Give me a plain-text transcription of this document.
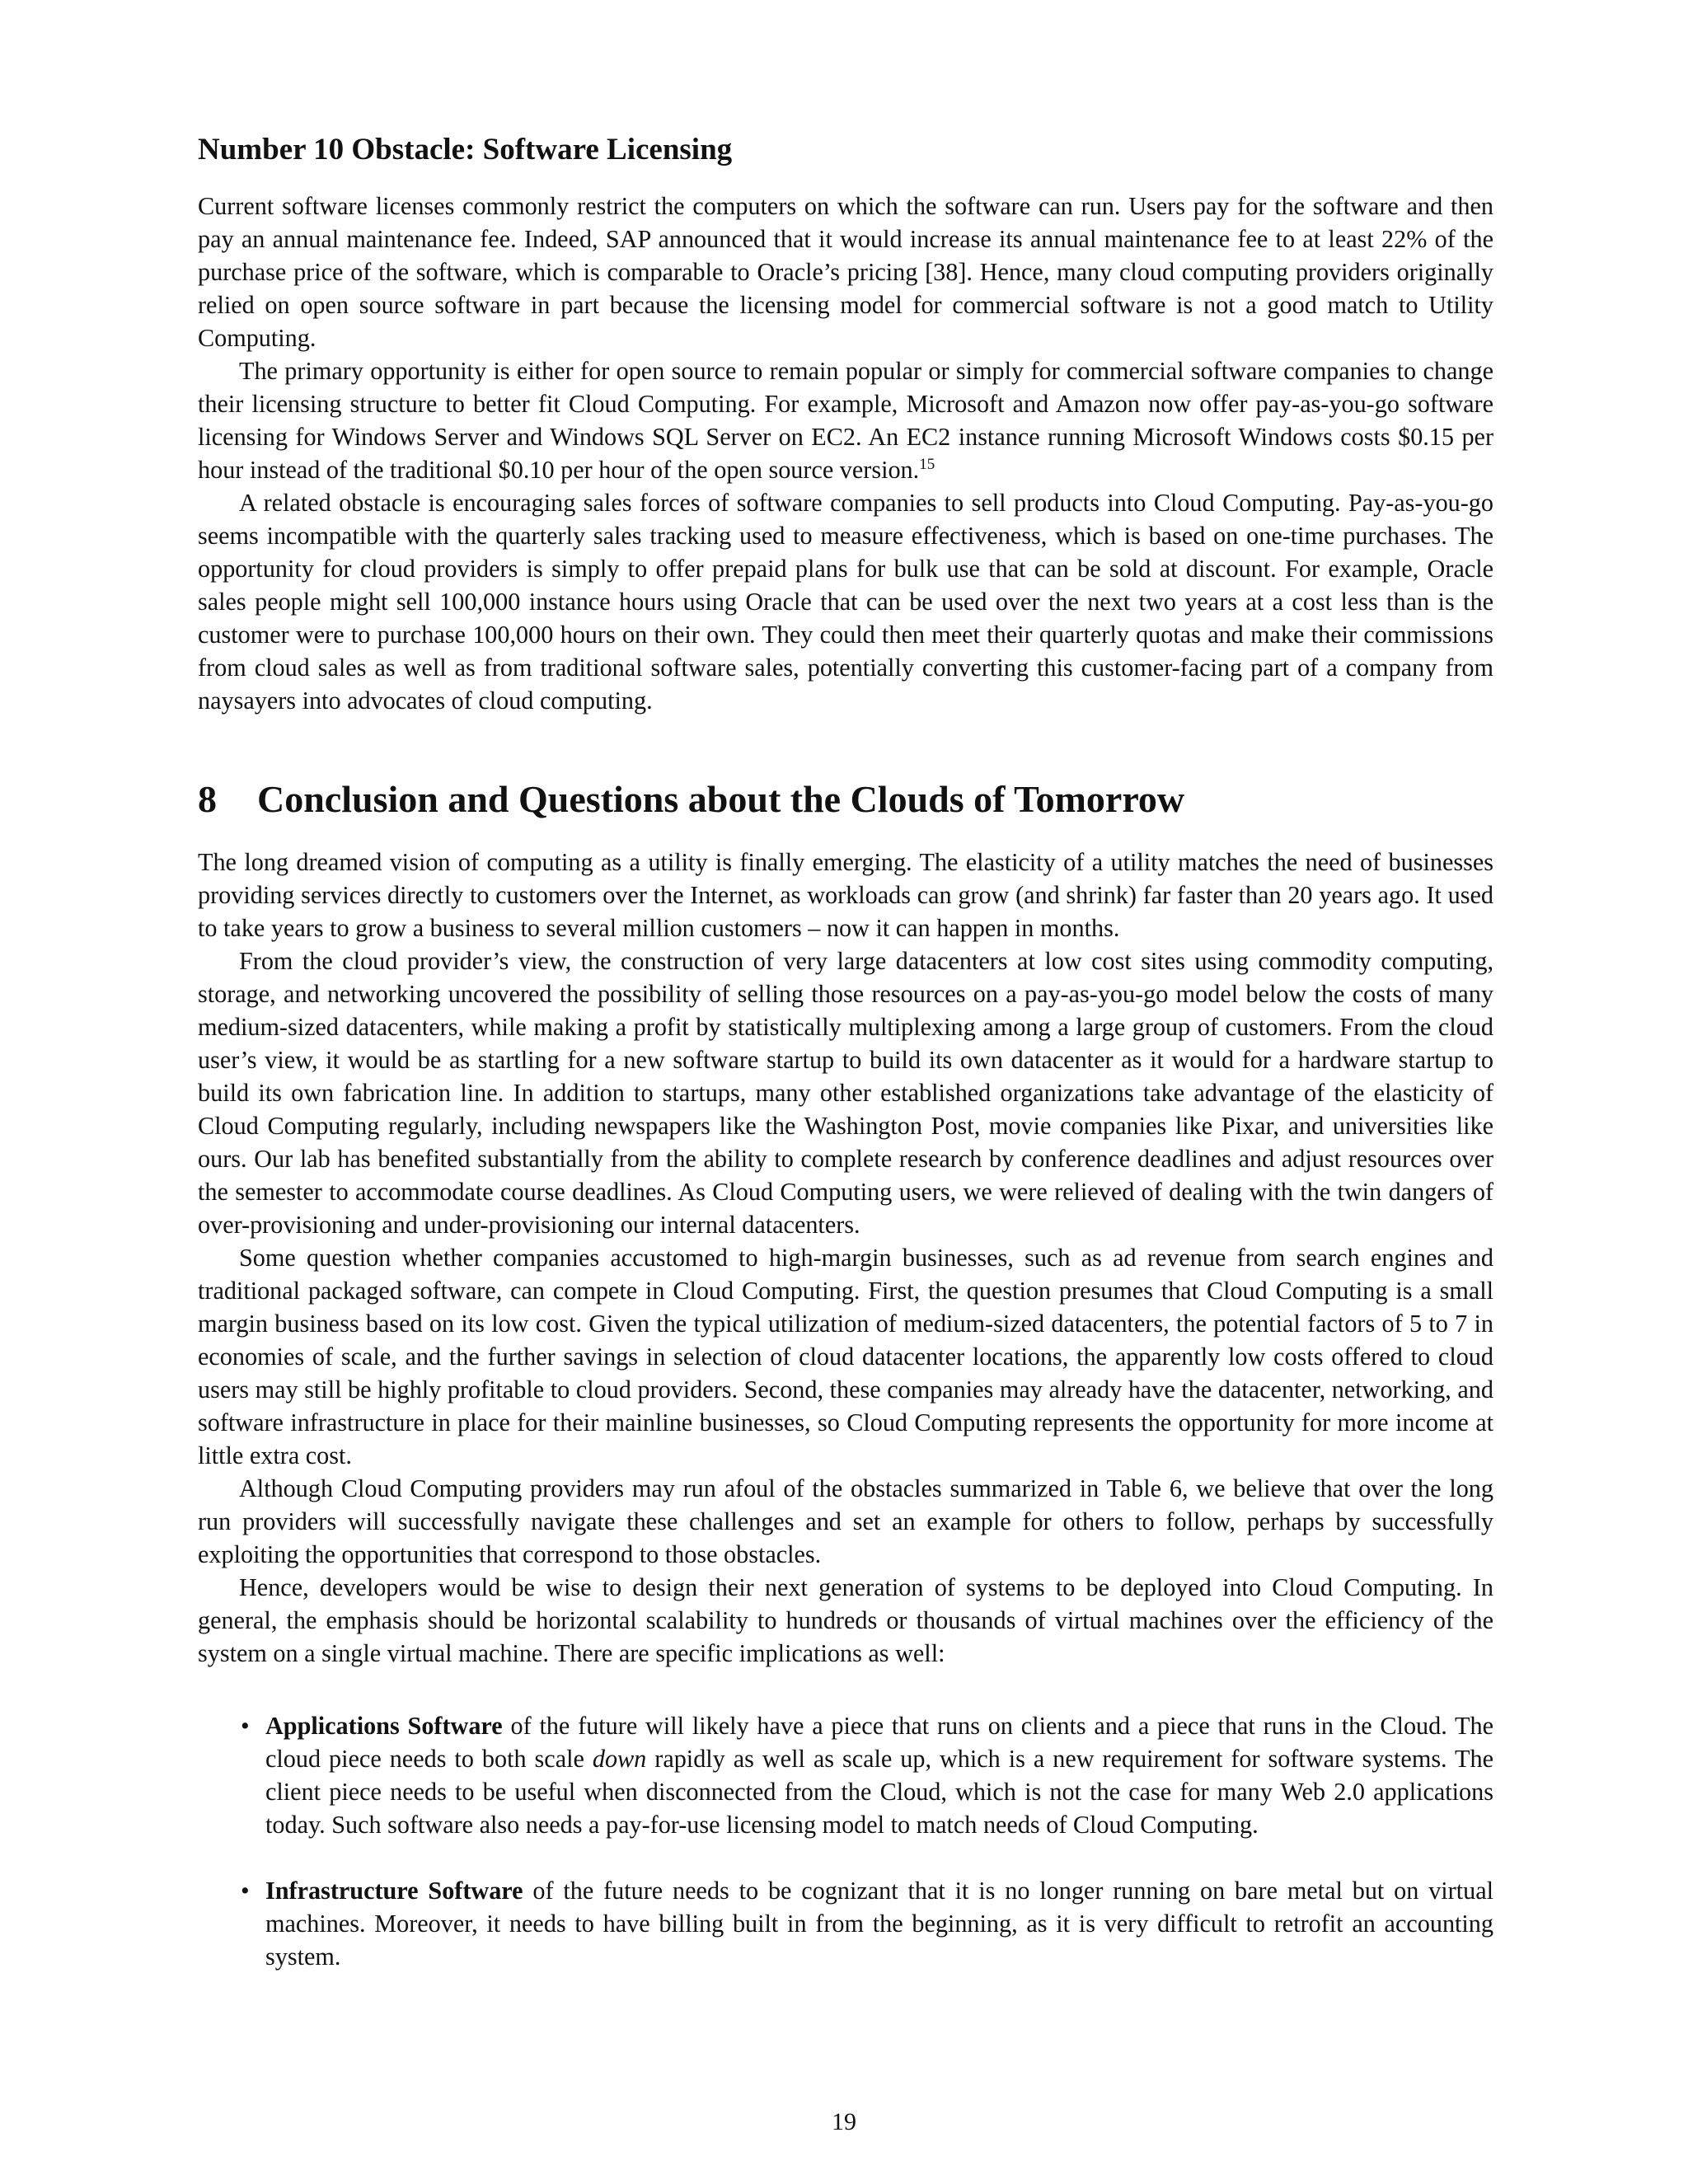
Number 10 Obstacle: Software Licensing

Current software licenses commonly restrict the computers on which the software can run. Users pay for the software and then pay an annual maintenance fee. Indeed, SAP announced that it would increase its annual maintenance fee to at least 22% of the purchase price of the software, which is comparable to Oracle’s pricing [38]. Hence, many cloud computing providers originally relied on open source software in part because the licensing model for commercial software is not a good match to Utility Computing.

The primary opportunity is either for open source to remain popular or simply for commercial software companies to change their licensing structure to better fit Cloud Computing. For example, Microsoft and Amazon now offer pay-as-you-go software licensing for Windows Server and Windows SQL Server on EC2. An EC2 instance running Microsoft Windows costs $0.15 per hour instead of the traditional $0.10 per hour of the open source version.$^{15}$

A related obstacle is encouraging sales forces of software companies to sell products into Cloud Computing. Pay-as-you-go seems incompatible with the quarterly sales tracking used to measure effectiveness, which is based on one-time purchases. The opportunity for cloud providers is simply to offer prepaid plans for bulk use that can be sold at discount. For example, Oracle sales people might sell 100,000 instance hours using Oracle that can be used over the next two years at a cost less than is the customer were to purchase 100,000 hours on their own. They could then meet their quarterly quotas and make their commissions from cloud sales as well as from traditional software sales, potentially converting this customer-facing part of a company from naysayers into advocates of cloud computing.

8 Conclusion and Questions about the Clouds of Tomorrow

The long dreamed vision of computing as a utility is finally emerging. The elasticity of a utility matches the need of businesses providing services directly to customers over the Internet, as workloads can grow (and shrink) far faster than 20 years ago. It used to take years to grow a business to several million customers – now it can happen in months.

From the cloud provider’s view, the construction of very large datacenters at low cost sites using commodity computing, storage, and networking uncovered the possibility of selling those resources on a pay-as-you-go model below the costs of many medium-sized datacenters, while making a profit by statistically multiplexing among a large group of customers. From the cloud user’s view, it would be as startling for a new software startup to build its own datacenter as it would for a hardware startup to build its own fabrication line. In addition to startups, many other established organizations take advantage of the elasticity of Cloud Computing regularly, including newspapers like the Washington Post, movie companies like Pixar, and universities like ours. Our lab has benefited substantially from the ability to complete research by conference deadlines and adjust resources over the semester to accommodate course deadlines. As Cloud Computing users, we were relieved of dealing with the twin dangers of over-provisioning and under-provisioning our internal datacenters.

Some question whether companies accustomed to high-margin businesses, such as ad revenue from search engines and traditional packaged software, can compete in Cloud Computing. First, the question presumes that Cloud Computing is a small margin business based on its low cost. Given the typical utilization of medium-sized datacenters, the potential factors of 5 to 7 in economies of scale, and the further savings in selection of cloud datacenter locations, the apparently low costs offered to cloud users may still be highly profitable to cloud providers. Second, these companies may already have the datacenter, networking, and software infrastructure in place for their mainline businesses, so Cloud Computing represents the opportunity for more income at little extra cost.

Although Cloud Computing providers may run afoul of the obstacles summarized in Table 6, we believe that over the long run providers will successfully navigate these challenges and set an example for others to follow, perhaps by successfully exploiting the opportunities that correspond to those obstacles.

Hence, developers would be wise to design their next generation of systems to be deployed into Cloud Computing. In general, the emphasis should be horizontal scalability to hundreds or thousands of virtual machines over the efficiency of the system on a single virtual machine. There are specific implications as well:

• Applications Software of the future will likely have a piece that runs on clients and a piece that runs in the Cloud. The cloud piece needs to both scale down rapidly as well as scale up, which is a new requirement for software systems. The client piece needs to be useful when disconnected from the Cloud, which is not the case for many Web 2.0 applications today. Such software also needs a pay-for-use licensing model to match needs of Cloud Computing.
• Infrastructure Software of the future needs to be cognizant that it is no longer running on bare metal but on virtual machines. Moreover, it needs to have billing built in from the beginning, as it is very difficult to retrofit an accounting system.
19
